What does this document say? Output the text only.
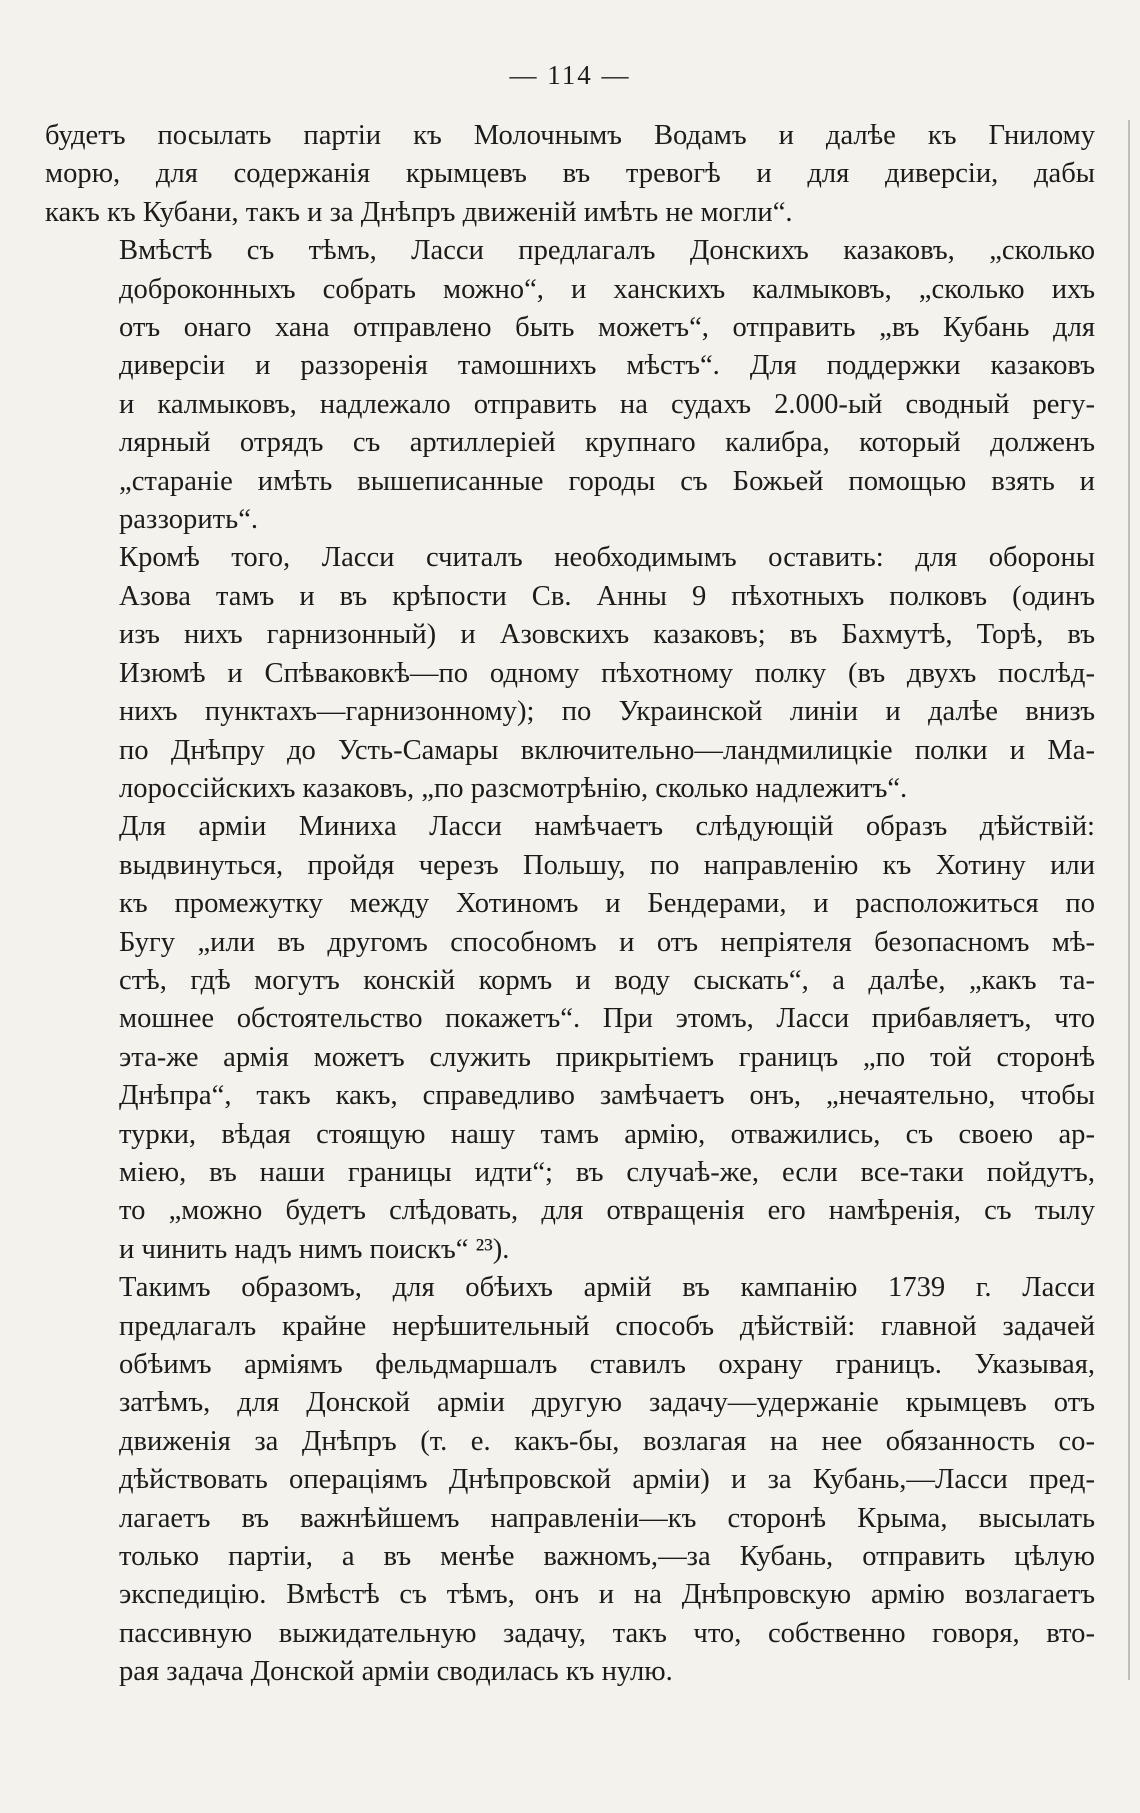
— 114 —

будетъ посылать партіи къ Молочнымъ Водамъ и далѣе къ Гнилому
морю, для содержанія крымцевъ въ тревогѣ и для диверсіи, дабы
какъ къ Кубани, такъ и за Днѣпръ движеній имѣть не могли“.

Вмѣстѣ съ тѣмъ, Ласси предлагалъ Донскихъ казаковъ, „сколько
доброконныхъ собрать можно“, и ханскихъ калмыковъ, „сколько ихъ
отъ онаго хана отправлено быть можетъ“, отправить „въ Кубань для
диверсіи и раззоренія тамошнихъ мѣстъ“. Для поддержки казаковъ
и калмыковъ, надлежало отправить на судахъ 2.000-ый сводный регу-
лярный отрядъ съ артиллеріей крупнаго калибра, который долженъ
„стараніе имѣть вышеписанные городы съ Божьей помощью взять и
раззорить“.

Кромѣ того, Ласси считалъ необходимымъ оставить: для обороны
Азова тамъ и въ крѣпости Св. Анны 9 пѣхотныхъ полковъ (одинъ
изъ нихъ гарнизонный) и Азовскихъ казаковъ; въ Бахмутѣ, Торѣ, въ
Изюмѣ и Спѣваковкѣ—по одному пѣхотному полку (въ двухъ послѣд-
нихъ пунктахъ—гарнизонному); по Украинской линіи и далѣе внизъ
по Днѣпру до Усть-Самары включительно—ландмилицкіе полки и Ма-
лороссійскихъ казаковъ, „по разсмотрѣнію, сколько надлежитъ“.

Для арміи Миниха Ласси намѣчаетъ слѣдующій образъ дѣйствій:
выдвинуться, пройдя черезъ Польшу, по направленію къ Хотину или
къ промежутку между Хотиномъ и Бендерами, и расположиться по
Бугу „или въ другомъ способномъ и отъ непріятеля безопасномъ мѣ-
стѣ, гдѣ могутъ конскій кормъ и воду сыскать“, а далѣе, „какъ та-
мошнее обстоятельство покажетъ“. При этомъ, Ласси прибавляетъ, что
эта-же армія можетъ служить прикрытіемъ границъ „по той сторонѣ
Днѣпра“, такъ какъ, справедливо замѣчаетъ онъ, „нечаятельно, чтобы
турки, вѣдая стоящую нашу тамъ армію, отважились, съ своею ар-
міею, въ наши границы идти“; въ случаѣ-же, если все-таки пойдутъ,
то „можно будетъ слѣдовать, для отвращенія его намѣренія, съ тылу
и чинить надъ нимъ поискъ“ ²³).

Такимъ образомъ, для обѣихъ армій въ кампанію 1739 г. Ласси
предлагалъ крайне нерѣшительный способъ дѣйствій: главной задачей
обѣимъ арміямъ фельдмаршалъ ставилъ охрану границъ. Указывая,
затѣмъ, для Донской арміи другую задачу—удержаніе крымцевъ отъ
движенія за Днѣпръ (т. е. какъ-бы, возлагая на нее обязанность со-
дѣйствовать операціямъ Днѣпровской арміи) и за Кубань,—Ласси пред-
лагаетъ въ важнѣйшемъ направленіи—къ сторонѣ Крыма, высылать
только партіи, а въ менѣе важномъ,—за Кубань, отправить цѣлую
экспедицію. Вмѣстѣ съ тѣмъ, онъ и на Днѣпровскую армію возлагаетъ
пассивную выжидательную задачу, такъ что, собственно говоря, вто-
рая задача Донской арміи сводилась къ нулю.
